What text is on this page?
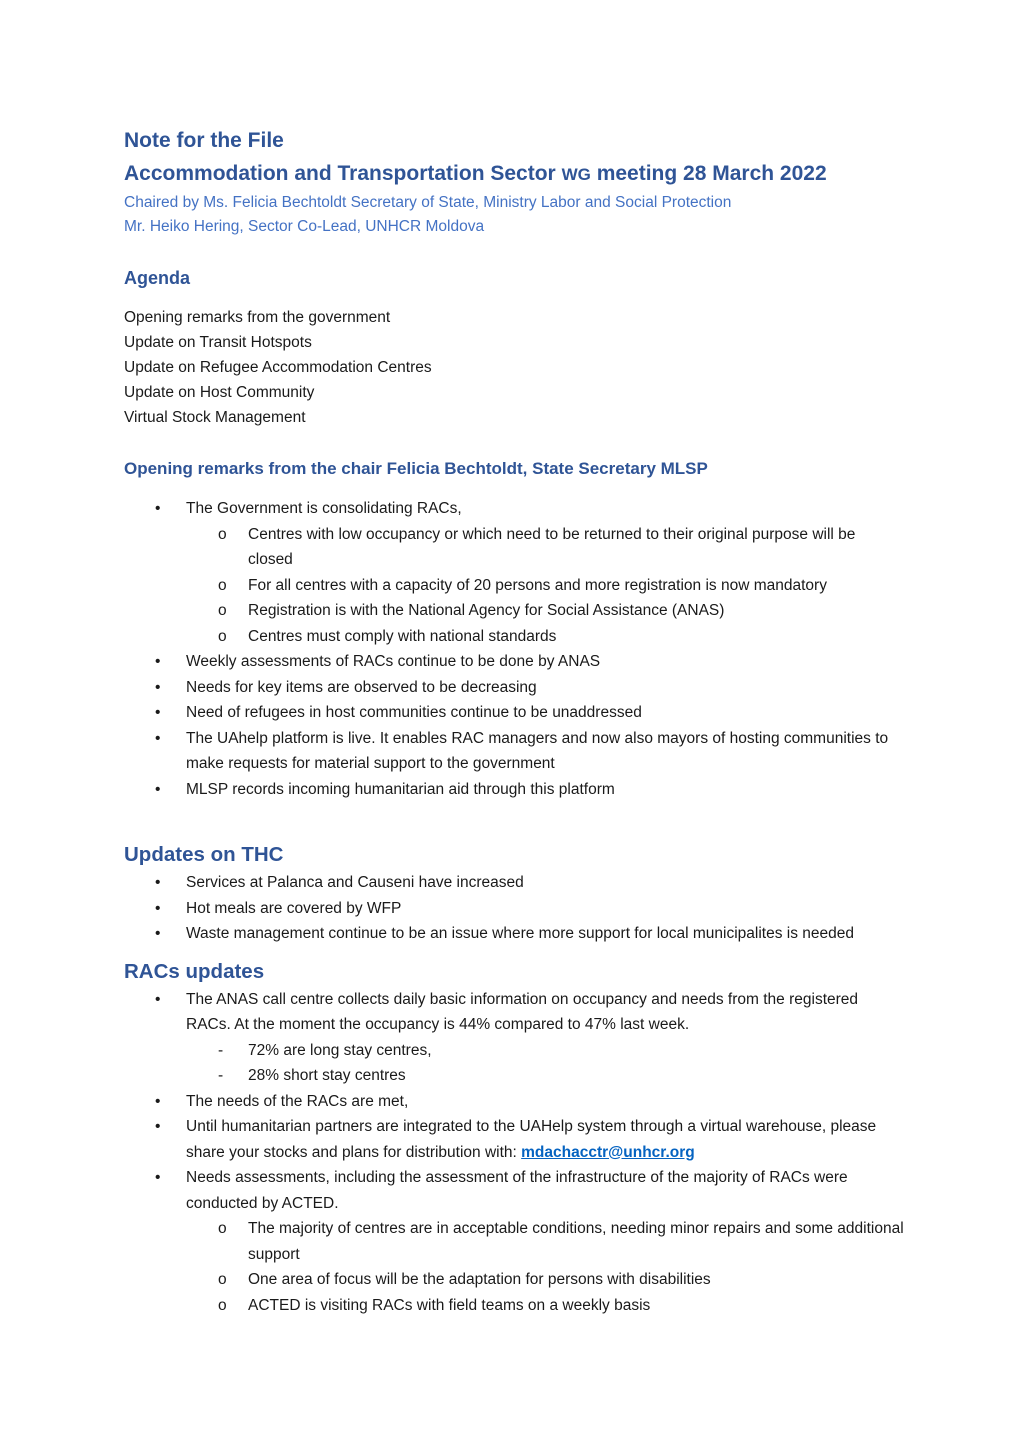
Note for the File
Accommodation and Transportation Sector WG meeting 28 March 2022
Chaired by Ms. Felicia Bechtoldt Secretary of State, Ministry Labor and Social Protection
Mr. Heiko Hering, Sector Co-Lead, UNHCR Moldova
Agenda
Opening remarks from the government
Update on Transit Hotspots
Update on Refugee Accommodation Centres
Update on Host Community
Virtual Stock Management
Opening remarks from the chair Felicia Bechtoldt, State Secretary MLSP
• The Government is consolidating RACs,
o Centres with low occupancy or which need to be returned to their original purpose will be closed
o For all centres with a capacity of 20 persons and more registration is now mandatory
o Registration is with the National Agency for Social Assistance (ANAS)
o Centres must comply with national standards
• Weekly assessments of RACs continue to be done by ANAS
• Needs for key items are observed to be decreasing
• Need of refugees in host communities continue to be unaddressed
• The UAhelp platform is live. It enables RAC managers and now also mayors of hosting communities to make requests for material support to the government
• MLSP records incoming humanitarian aid through this platform
Updates on THC
• Services at Palanca and Causeni have increased
• Hot meals are covered by WFP
• Waste management continue to be an issue where more support for local municipalites is needed
RACs updates
• The ANAS call centre collects daily basic information on occupancy and needs from the registered RACs. At the moment the occupancy is 44% compared to 47% last week.
- 72% are long stay centres,
- 28% short stay centres
• The needs of the RACs are met,
• Until humanitarian partners are integrated to the UAHelp system through a virtual warehouse, please share your stocks and plans for distribution with: mdachacctr@unhcr.org
• Needs assessments, including the assessment of the infrastructure of the majority of RACs were conducted by ACTED.
o The majority of centres are in acceptable conditions, needing minor repairs and some additional support
o One area of focus will be the adaptation for persons with disabilities
o ACTED is visiting RACs with field teams on a weekly basis
